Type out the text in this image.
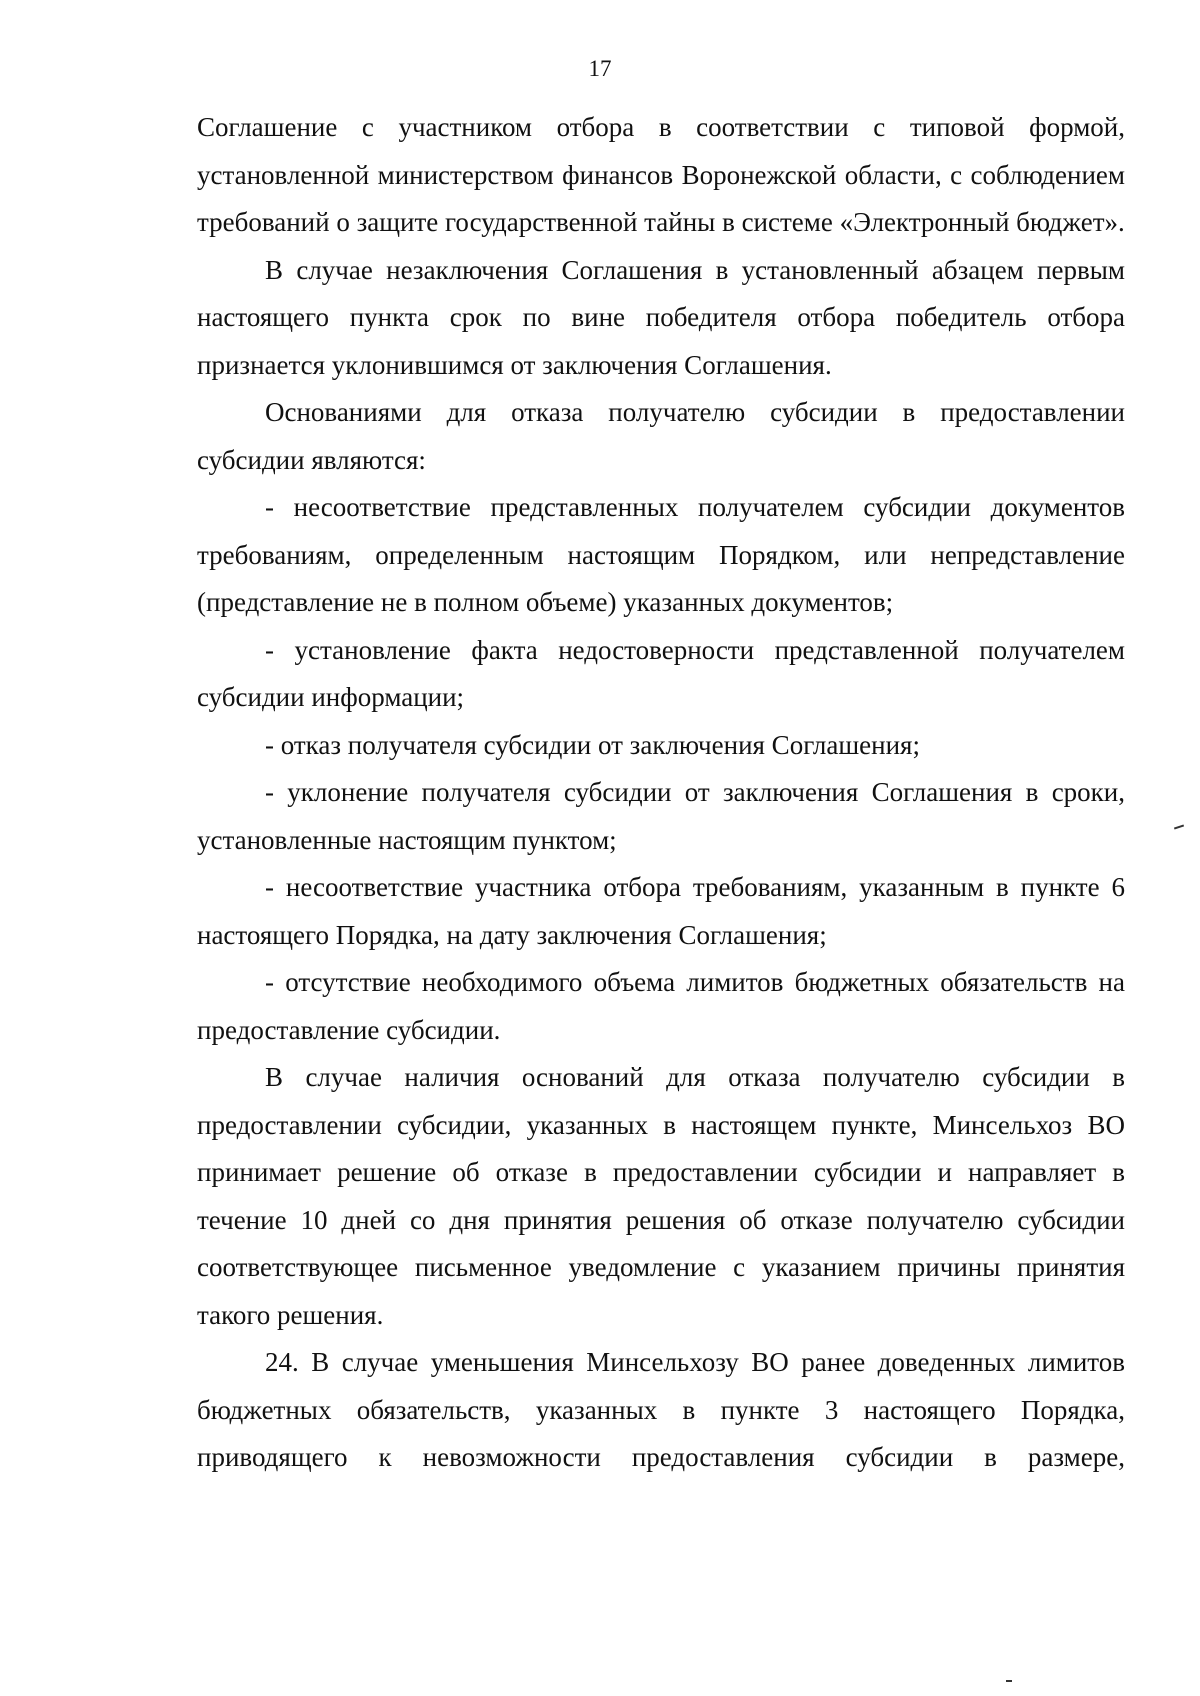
17

Соглашение с участником отбора в соответствии с типовой формой, установленной министерством финансов Воронежской области, с соблюдением требований о защите государственной тайны в системе «Электронный бюджет».

В случае незаключения Соглашения в установленный абзацем первым настоящего пункта срок по вине победителя отбора победитель отбора признается уклонившимся от заключения Соглашения.

Основаниями для отказа получателю субсидии в предоставлении субсидии являются:

- несоответствие представленных получателем субсидии документов требованиям, определенным настоящим Порядком, или непредставление (представление не в полном объеме) указанных документов;

- установление факта недостоверности представленной получателем субсидии информации;

- отказ получателя субсидии от заключения Соглашения;

- уклонение получателя субсидии от заключения Соглашения в сроки, установленные настоящим пунктом;

- несоответствие участника отбора требованиям, указанным в пункте 6 настоящего Порядка, на дату заключения Соглашения;

- отсутствие необходимого объема лимитов бюджетных обязательств на предоставление субсидии.

В случае наличия оснований для отказа получателю субсидии в предоставлении субсидии, указанных в настоящем пункте, Минсельхоз ВО принимает решение об отказе в предоставлении субсидии и направляет в течение 10 дней со дня принятия решения об отказе получателю субсидии соответствующее письменное уведомление с указанием причины принятия такого решения.

24. В случае уменьшения Минсельхозу ВО ранее доведенных лимитов бюджетных обязательств, указанных в пункте 3 настоящего Порядка, приводящего к невозможности предоставления субсидии в размере,
